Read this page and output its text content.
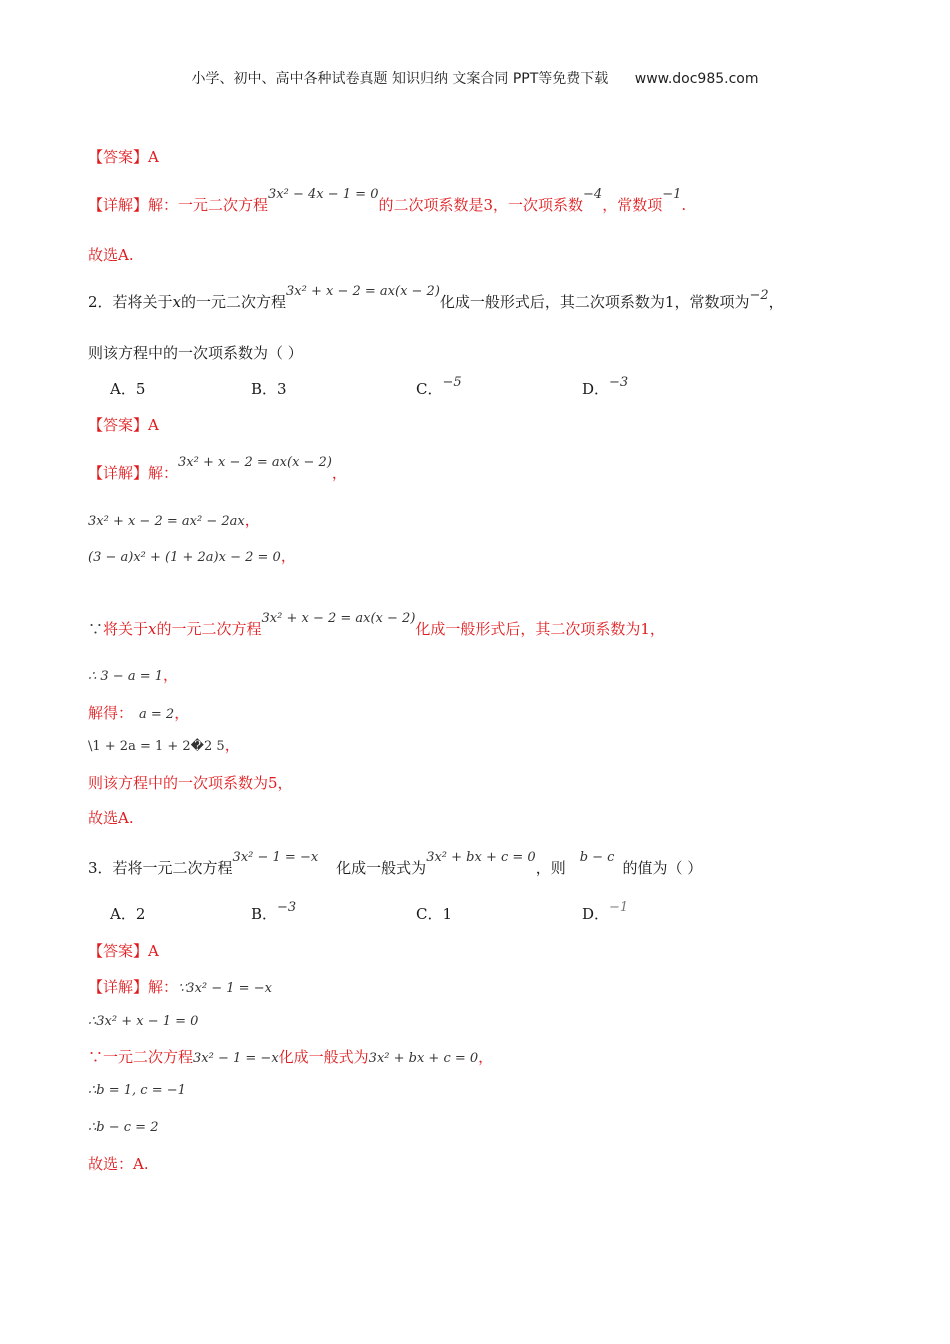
小学、初中、高中各种试卷真题 知识归纳 文案合同 PPT等免费下载 www.doc985.com
【答案】A
【详解】解：一元二次方程3x² − 4x − 1 = 0的二次项系数是3，一次项系数−4，常数项−1.
故选A.
2．若将关于x的一元二次方程3x² + x − 2 = ax(x − 2)化成一般形式后，其二次项系数为1，常数项为−2，
则该方程中的一次项系数为（ ）
A．5	B．3	C．−5	D．−3
【答案】A
【详解】解：3x² + x − 2 = ax(x − 2)，
3x² + x − 2 = ax² − 2ax，
(3 − a)x² + (1 + 2a)x − 2 = 0，
∵将关于x的一元二次方程3x² + x − 2 = ax(x − 2)化成一般形式后，其二次项系数为1，
∴ 3 − a = 1，
解得： a = 2，
\1 + 2a = 1 + 2�2 5，
则该方程中的一次项系数为5，
故选A.
3．若将一元二次方程3x² − 1 = −x化成一般式为3x² + bx + c = 0，则b − c的值为（ ）
A．2	B．−3	C．1	D．−1
【答案】A
【详解】解：∵3x² − 1 = −x
∴3x² + x − 1 = 0
∵一元二次方程3x² − 1 = −x化成一般式为3x² + bx + c = 0，
∴b = 1, c = −1
∴b − c = 2
故选：A.
